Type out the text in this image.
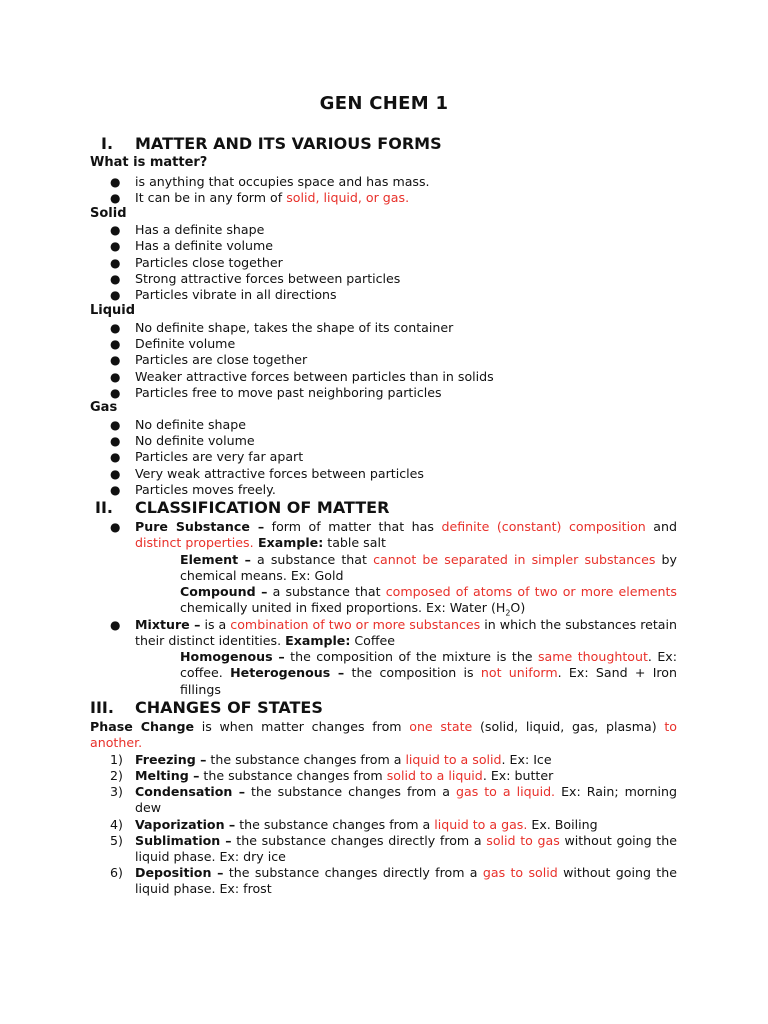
GEN CHEM 1
I. MATTER AND ITS VARIOUS FORMS
What is matter?
● is anything that occupies space and has mass.
● It can be in any form of solid, liquid, or gas.
Solid
● Has a definite shape
● Has a definite volume
● Particles close together
● Strong attractive forces between particles
● Particles vibrate in all directions
Liquid
● No definite shape, takes the shape of its container
● Definite volume
● Particles are close together
● Weaker attractive forces between particles than in solids
● Particles free to move past neighboring particles
Gas
● No definite shape
● No definite volume
● Particles are very far apart
● Very weak attractive forces between particles
● Particles moves freely.
II. CLASSIFICATION OF MATTER
● Pure Substance – form of matter that has definite (constant) composition and distinct properties. Example: table salt
Element – a substance that cannot be separated in simpler substances by chemical means. Ex: Gold
Compound – a substance that composed of atoms of two or more elements chemically united in fixed proportions. Ex: Water $(H_2O)$
● Mixture – is a combination of two or more substances in which the substances retain their distinct identities. Example: Coffee
Homogenous – the composition of the mixture is the same thoughtout. Ex: coffee. Heterogenous – the composition is not uniform. Ex: Sand + Iron fillings
III. CHANGES OF STATES
Phase Change is when matter changes from one state (solid, liquid, gas, plasma) to another.
1) Freezing – the substance changes from a liquid to a solid. Ex: Ice
2) Melting – the substance changes from solid to a liquid. Ex: butter
3) Condensation – the substance changes from a gas to a liquid. Ex: Rain; morning dew
4) Vaporization – the substance changes from a liquid to a gas. Ex. Boiling
5) Sublimation – the substance changes directly from a solid to gas without going the liquid phase. Ex: dry ice
6) Deposition – the substance changes directly from a gas to solid without going the liquid phase. Ex: frost
